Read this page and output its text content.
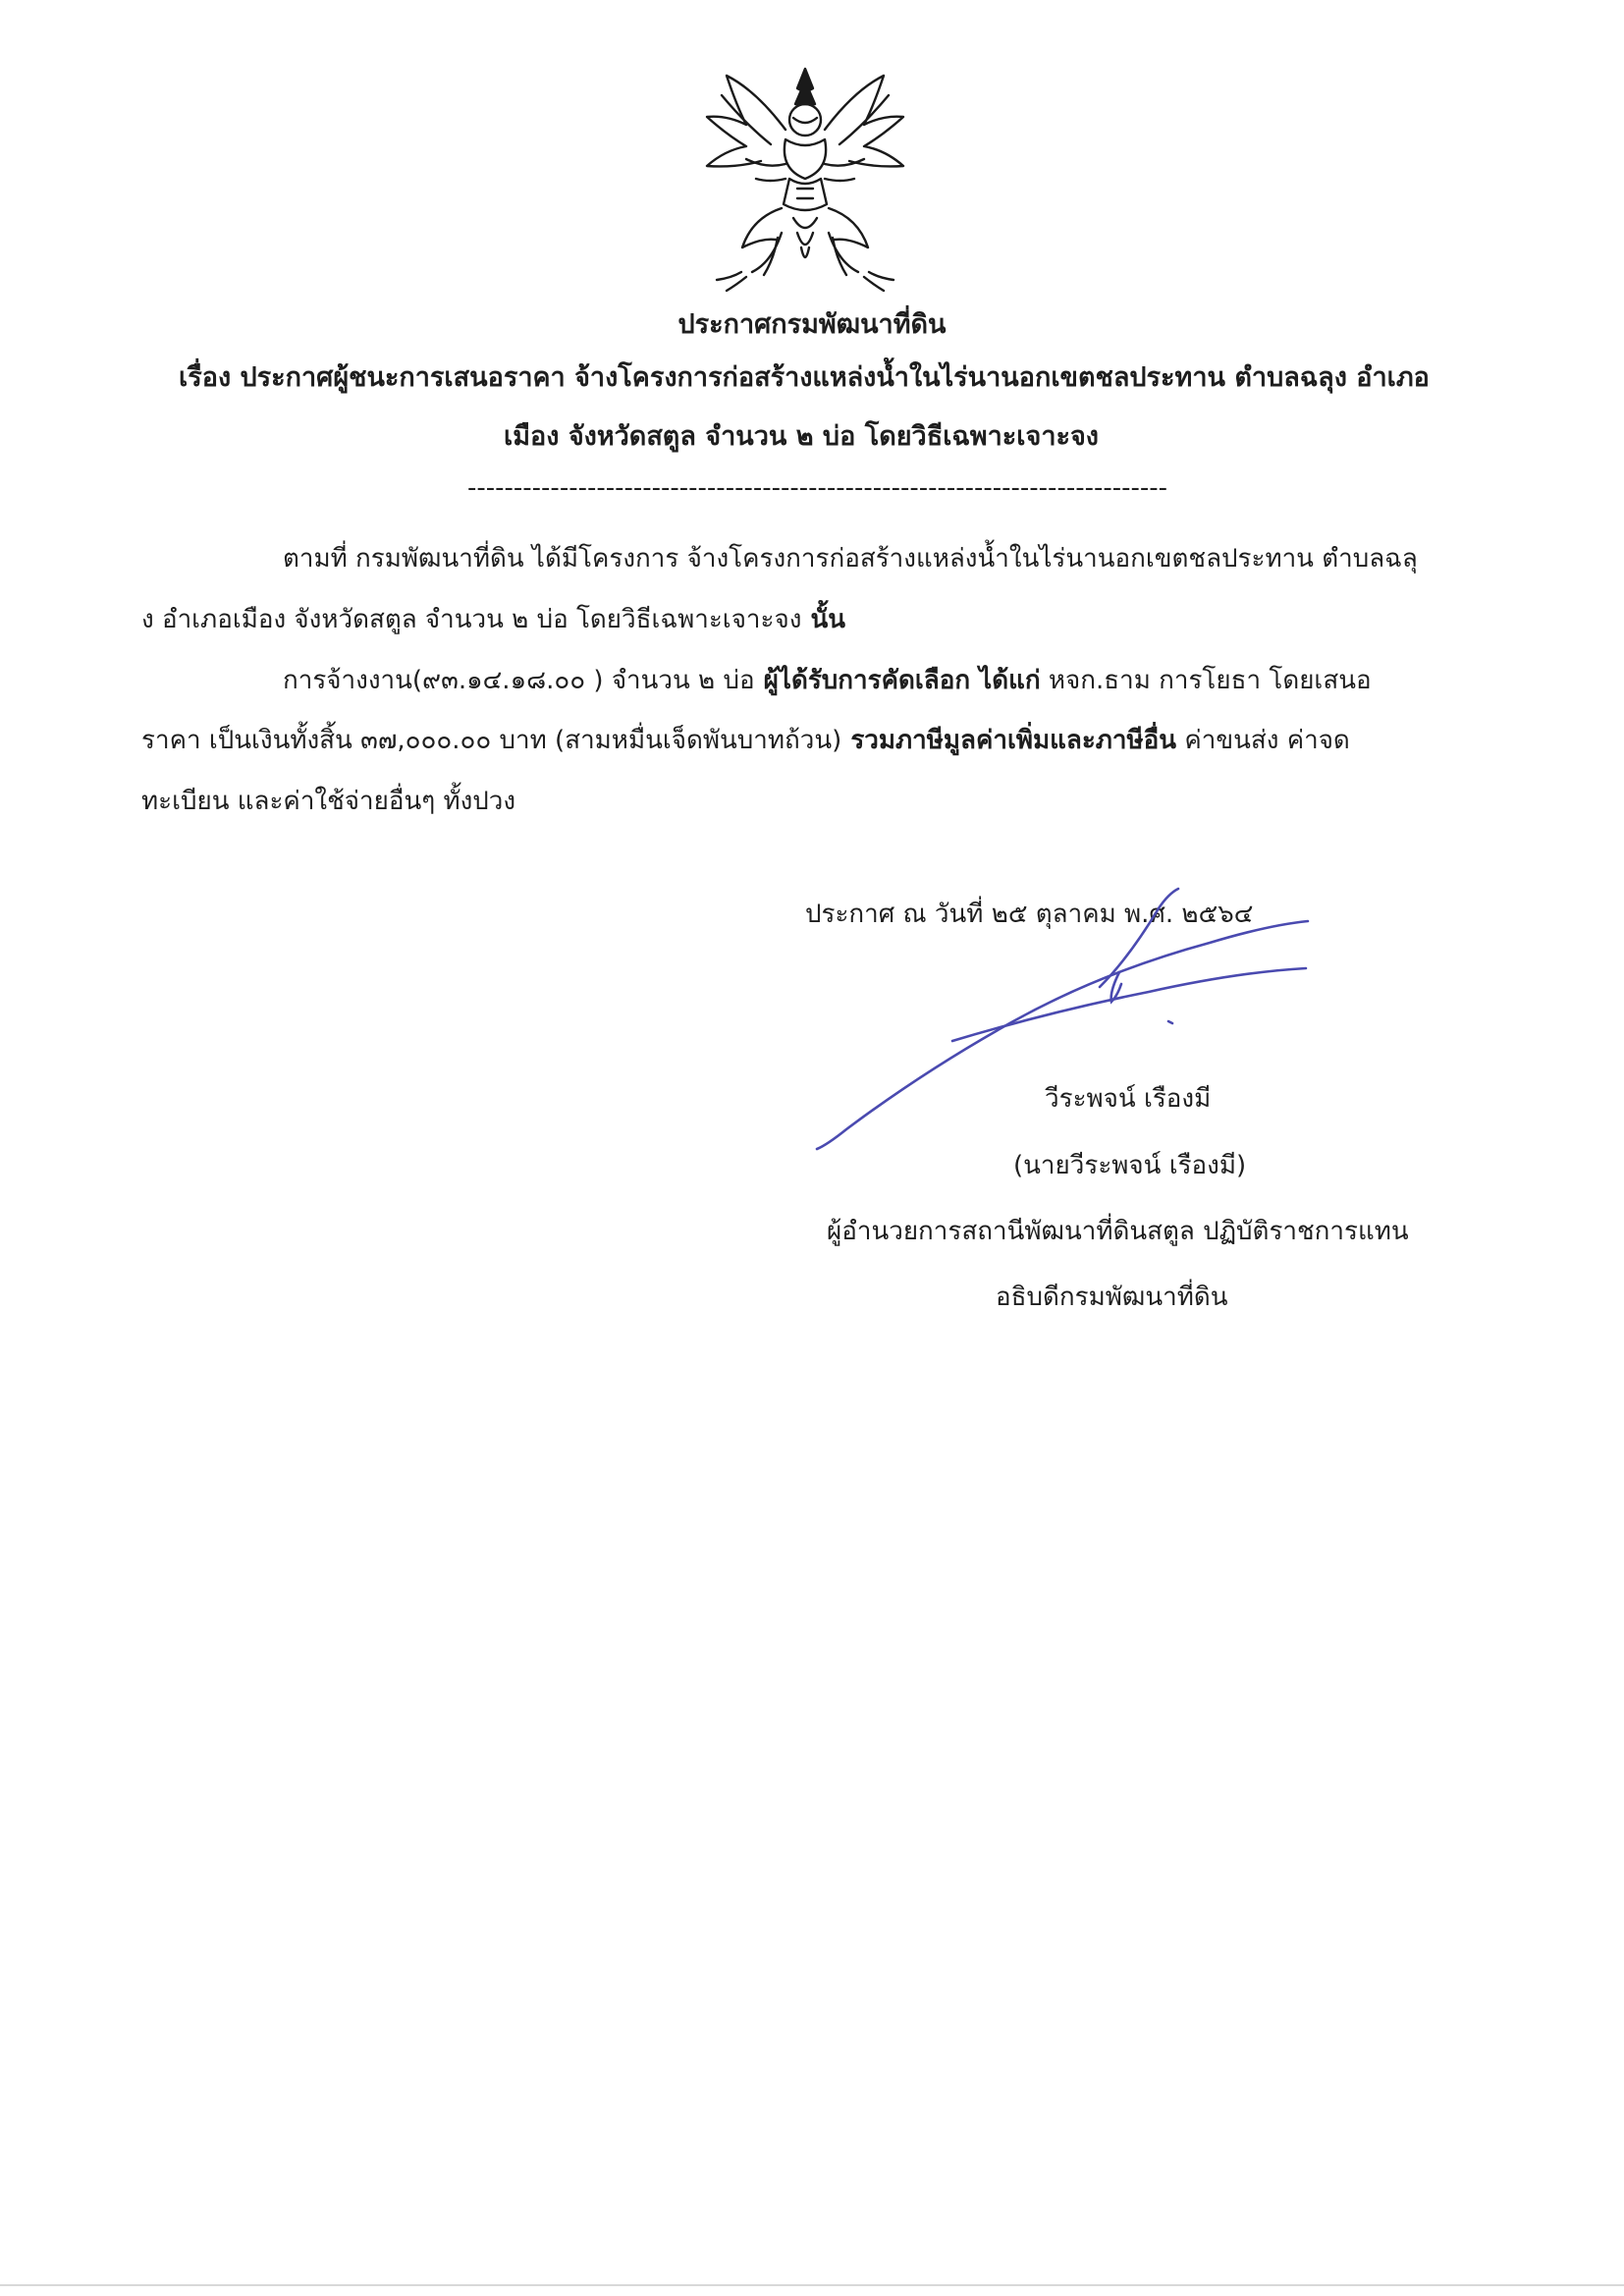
ประกาศกรมพัฒนาที่ดิน
เรื่อง ประกาศผู้ชนะการเสนอราคา จ้างโครงการก่อสร้างแหล่งน้ำในไร่นานอกเขตชลประทาน ตำบลฉลุง อำเภอ
เมือง จังหวัดสตูล จำนวน ๒ บ่อ โดยวิธีเฉพาะเจาะจง
----------------------------------------------------------------------------
ตามที่ กรมพัฒนาที่ดิน ได้มีโครงการ จ้างโครงการก่อสร้างแหล่งน้ำในไร่นานอกเขตชลประทาน ตำบลฉลุ
ง อำเภอเมือง จังหวัดสตูล จำนวน ๒ บ่อ โดยวิธีเฉพาะเจาะจง นั้น
การจ้างงาน(๙๓.๑๔.๑๘.๐๐ ) จำนวน ๒ บ่อ ผู้ได้รับการคัดเลือก ได้แก่ หจก.ธาม การโยธา โดยเสนอ
ราคา เป็นเงินทั้งสิ้น ๓๗,๐๐๐.๐๐ บาท (สามหมื่นเจ็ดพันบาทถ้วน) รวมภาษีมูลค่าเพิ่มและภาษีอื่น ค่าขนส่ง ค่าจด
ทะเบียน และค่าใช้จ่ายอื่นๆ ทั้งปวง
ประกาศ ณ วันที่ ๒๕ ตุลาคม พ.ศ. ๒๕๖๔
วีระพจน์ เรืองมี
(นายวีระพจน์ เรืองมี)
ผู้อำนวยการสถานีพัฒนาที่ดินสตูล ปฏิบัติราชการแทน
อธิบดีกรมพัฒนาที่ดิน
